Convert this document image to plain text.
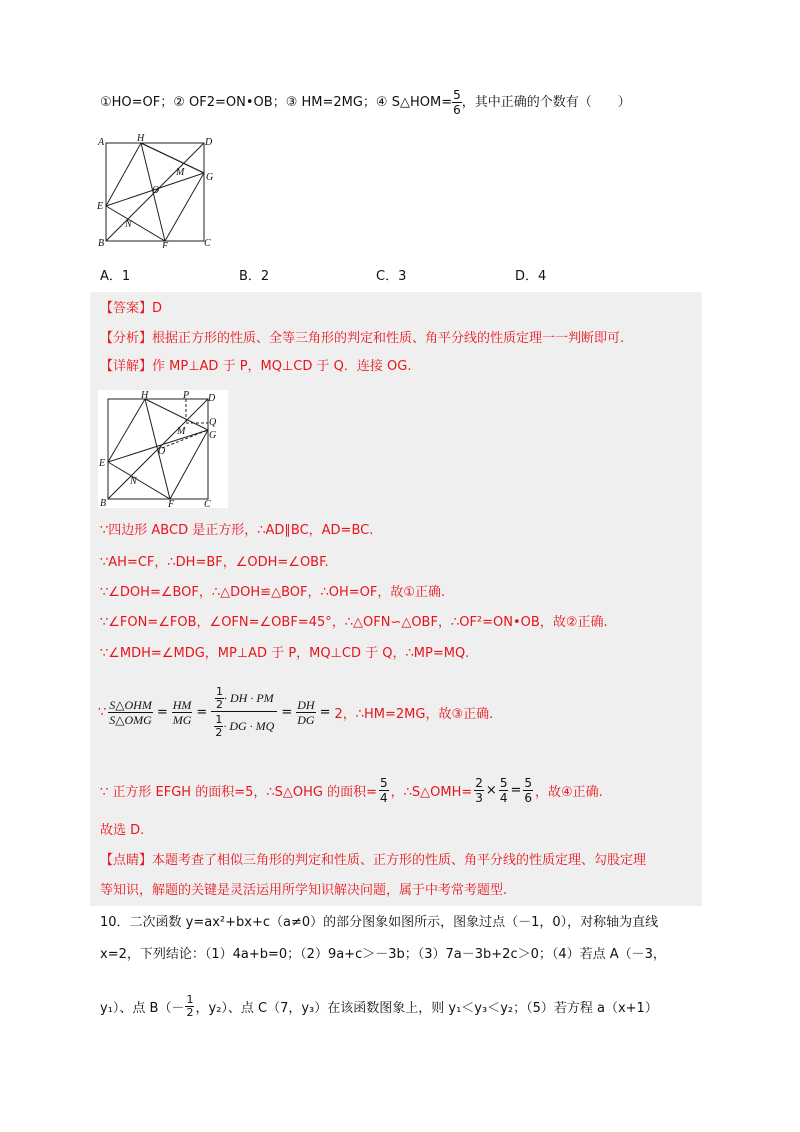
①HO=OF；② OF2=ON•OB；③ HM=2MG；④ S△HOM= $\frac{5}{6}$ ，其中正确的个数有（　　）
A	H	D
M G
O
E
N
B	F	C
A．1	B．2	C．3	D．4
【答案】D
【分析】根据正方形的性质、全等三角形的判定和性质、角平分线的性质定理一一判断即可.
【详解】作 MP⊥AD 于 P，MQ⊥CD 于 Q．连接 OG.
H	P D
Q
G
M
O
E
N
B	F	C
∵四边形 ABCD 是正方形，∴AD∥BC，AD=BC.
∵AH=CF，∴DH=BF，∠ODH=∠OBF.
∵∠DOH=∠BOF，∴△DOH≌△BOF，∴OH=OF，故①正确.
∵∠FON=∠FOB，∠OFN=∠OBF=45°，∴△OFN∽△OBF，∴OF²=ON•OB，故②正确.
∵∠MDH=∠MDG，MP⊥AD 于 P，MQ⊥CD 于 Q，∴MP=MQ.
∵ $\frac{\text{S△OHM}}{\text{S△OMG}} = \frac{HM}{MG} = \frac{\frac{1}{2} \cdot DH \cdot PM}{\frac{1}{2} \cdot DG \cdot MQ} = \frac{DH}{DG} = 2$，∴HM=2MG，故③正确.
∵ 正方形 EFGH 的面积=5，∴S△OHG 的面积= $\frac{5}{4}$ ，∴S△OMH= $\frac{2}{3} \times \frac{5}{4} = \frac{5}{6}$ ，故④正确.
故选 D.
【点睛】本题考查了相似三角形的判定和性质、正方形的性质、角平分线的性质定理、勾股定理
等知识，解题的关键是灵活运用所学知识解决问题，属于中考常考题型.
10．二次函数 y=ax²+bx+c（a≠0）的部分图象如图所示，图象过点（－1，0），对称轴为直线
x=2，下列结论：（1）4a+b=0；（2）9a+c＞－3b；（3）7a－3b+2c＞0；（4）若点 A（－3，
y₁）、点 $B(- \frac{1}{2}$ ，y₂）、点 C（7，y₃）在该函数图象上，则 y₁＜y₃＜y₂；（5）若方程 a（x+1）
